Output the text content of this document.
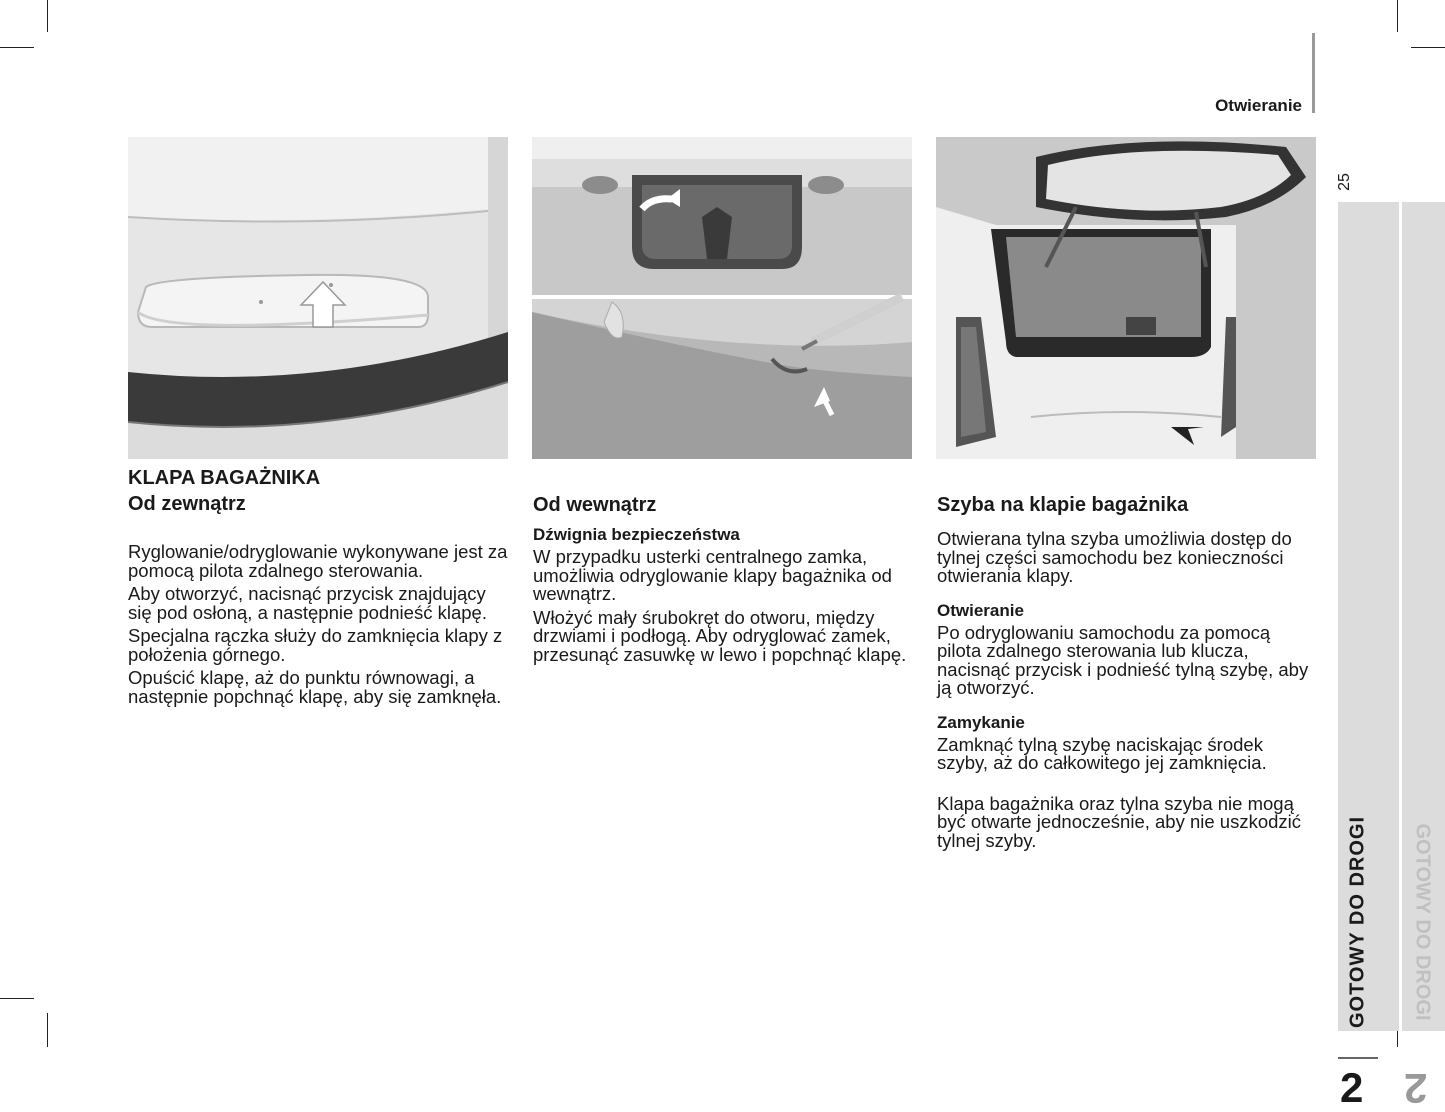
Otwieranie
25
GOTOWY DO DROGI
2
GOTOWY DO DROGI
2
KLAPA BAGAŻNIKA
Od zewnątrz

Ryglowanie/odryglowanie wykonywane jest za pomocą pilota zdalnego sterowania.

Aby otworzyć, nacisnąć przycisk znajdujący się pod osłoną, a następnie podnieść klapę.

Specjalna rączka służy do zamknięcia klapy z położenia górnego.

Opuścić klapę, aż do punktu równowagi, a następnie popchnąć klapę, aby się zamknęła.

Od wewnątrz
Dźwignia bezpieczeństwa

W przypadku usterki centralnego zamka, umożliwia odryglowanie klapy bagażnika od wewnątrz.

Włożyć mały śrubokręt do otworu, między drzwiami i podłogą. Aby odryglować zamek, przesunąć zasuwkę w lewo i popchnąć klapę.

Szyba na klapie bagażnika

Otwierana tylna szyba umożliwia dostęp do tylnej części samochodu bez konieczności otwierania klapy.

Otwieranie

Po odryglowaniu samochodu za pomocą pilota zdalnego sterowania lub klucza, nacisnąć przycisk i podnieść tylną szybę, aby ją otworzyć.

Zamykanie

Zamknąć tylną szybę naciskając środek szyby, aż do całkowitego jej zamknięcia.

Klapa bagażnika oraz tylna szyba nie mogą być otwarte jednocześnie, aby nie uszkodzić tylnej szyby.
